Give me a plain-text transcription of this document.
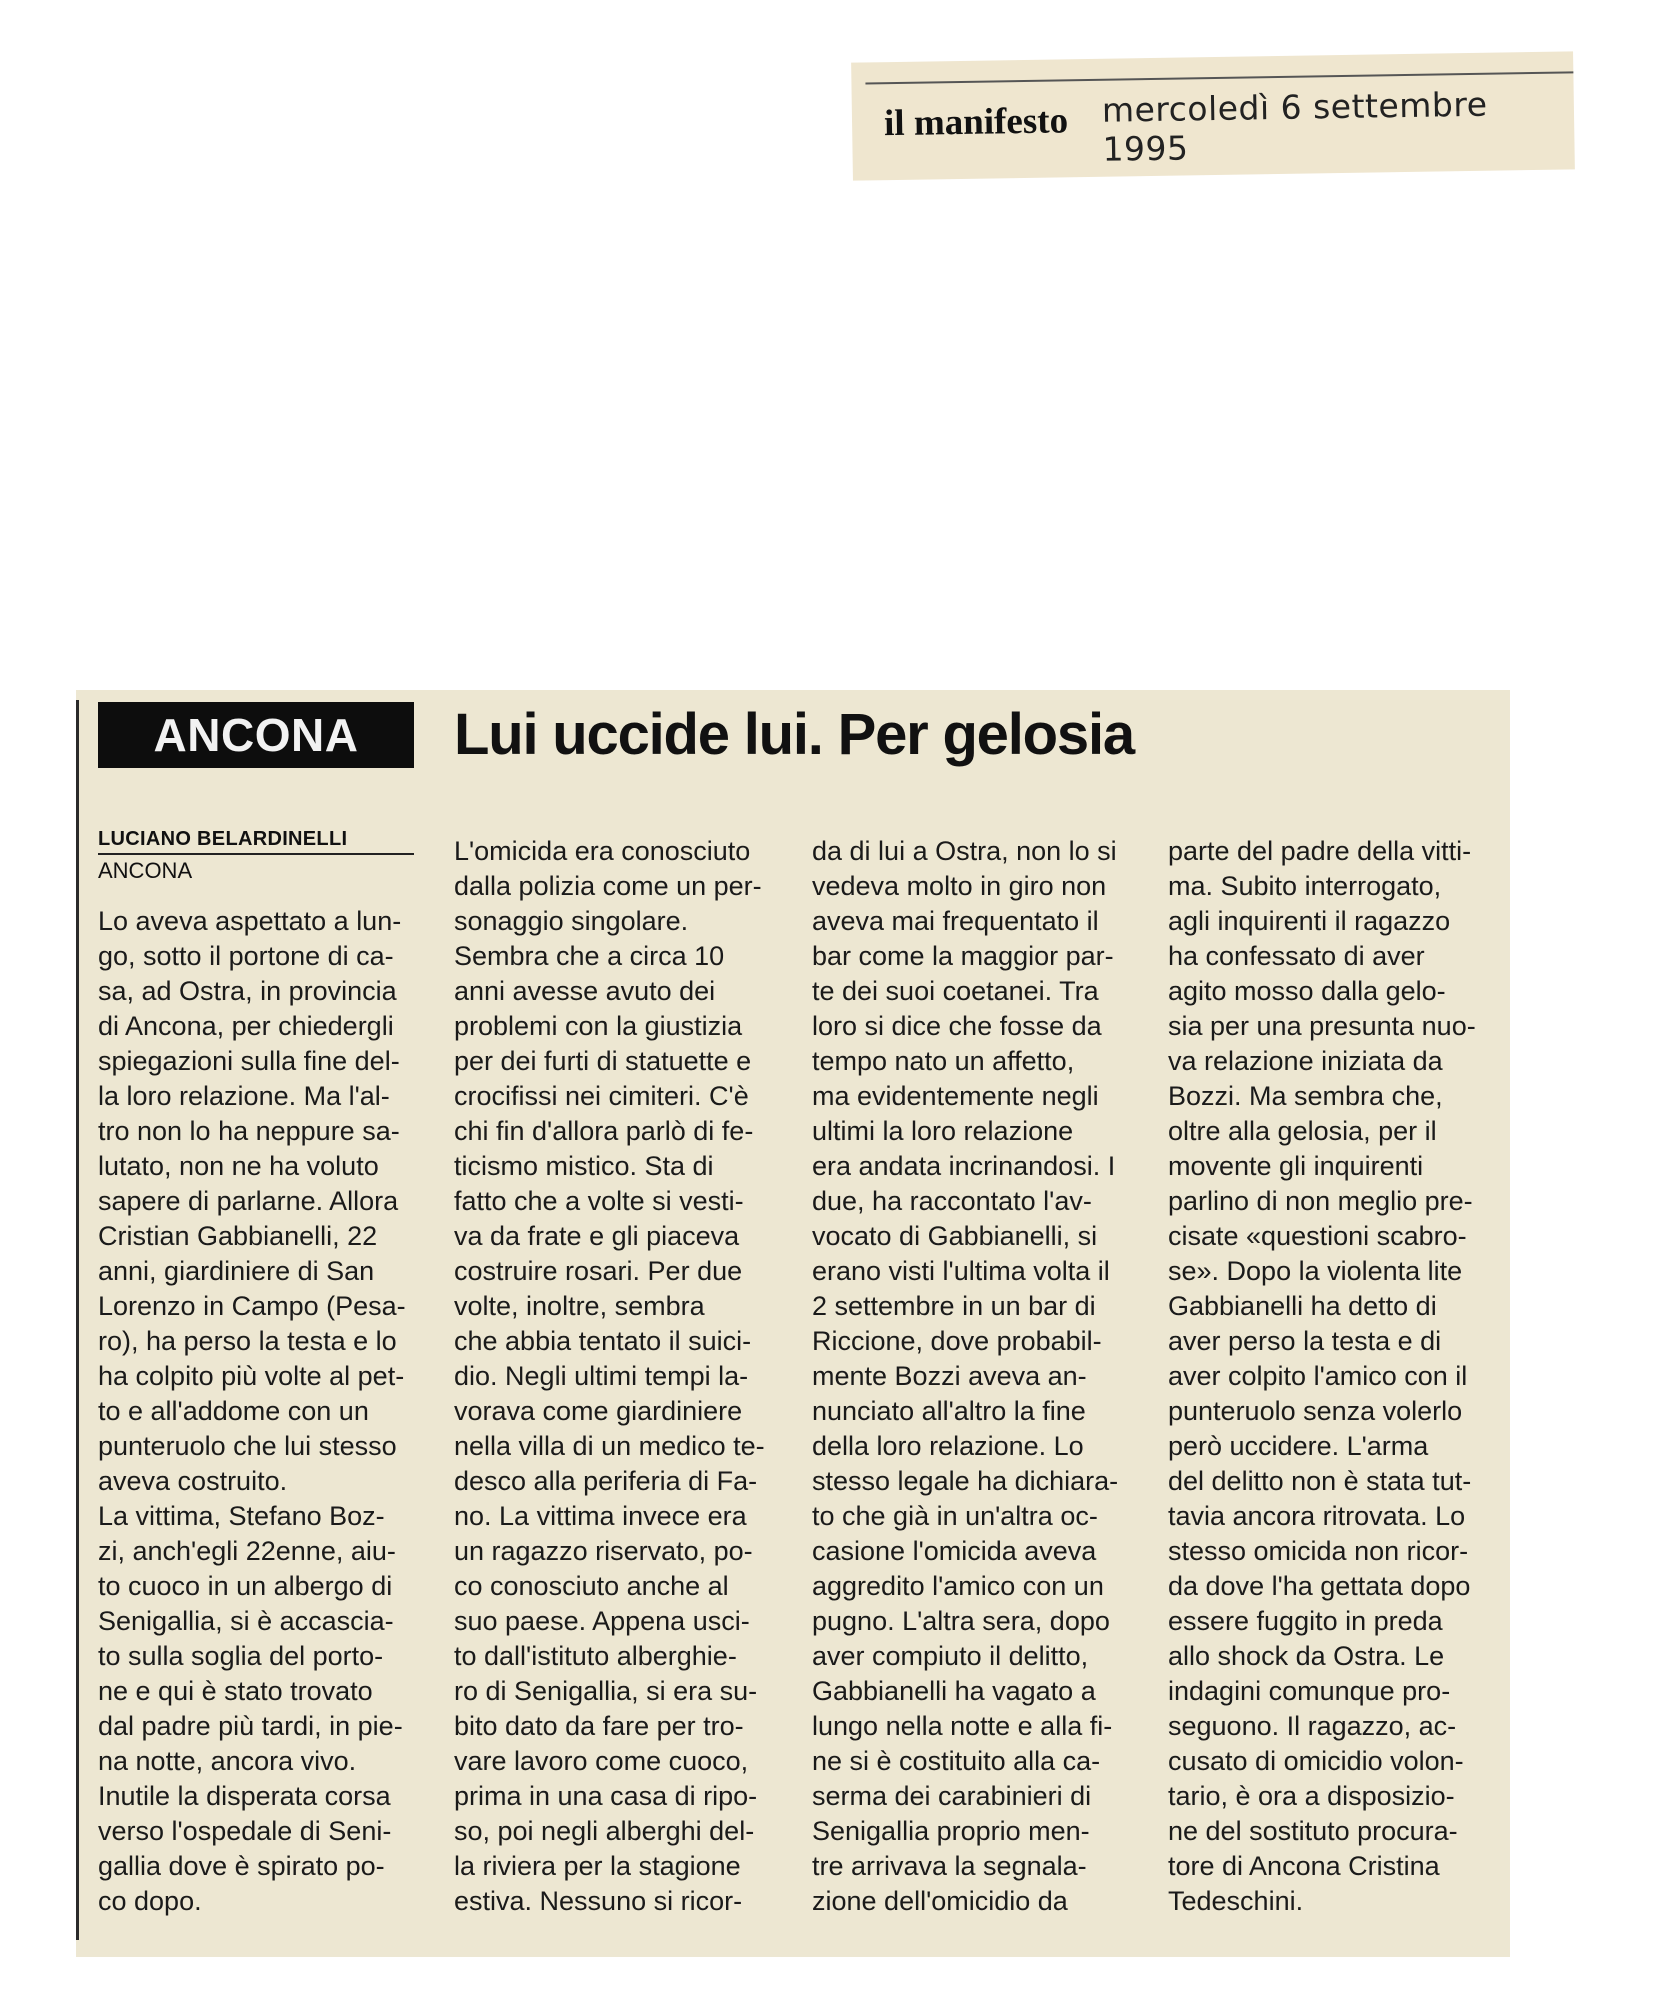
il manifesto mercoledì 6 settembre 1995
ANCONA	Lui uccide lui. Per gelosia
LUCIANO BELARDINELLI
ANCONA
Lo aveva aspettato a lun-
go, sotto il portone di ca-
sa, ad Ostra, in provincia
di Ancona, per chiedergli
spiegazioni sulla fine del-
la loro relazione. Ma l'al-
tro non lo ha neppure sa-
lutato, non ne ha voluto
sapere di parlarne. Allora
Cristian Gabbianelli, 22
anni, giardiniere di San
Lorenzo in Campo (Pesa-
ro), ha perso la testa e lo
ha colpito più volte al pet-
to e all'addome con un
punteruolo che lui stesso
aveva costruito.
La vittima, Stefano Boz-
zi, anch'egli 22enne, aiu-
to cuoco in un albergo di
Senigallia, si è accascia-
to sulla soglia del porto-
ne e qui è stato trovato
dal padre più tardi, in pie-
na notte, ancora vivo.
Inutile la disperata corsa
verso l'ospedale di Seni-
gallia dove è spirato po-
co dopo.
L'omicida era conosciuto
dalla polizia come un per-
sonaggio singolare.
Sembra che a circa 10
anni avesse avuto dei
problemi con la giustizia
per dei furti di statuette e
crocifissi nei cimiteri. C'è
chi fin d'allora parlò di fe-
ticismo mistico. Sta di
fatto che a volte si vesti-
va da frate e gli piaceva
costruire rosari. Per due
volte, inoltre, sembra
che abbia tentato il suici-
dio. Negli ultimi tempi la-
vorava come giardiniere
nella villa di un medico te-
desco alla periferia di Fa-
no. La vittima invece era
un ragazzo riservato, po-
co conosciuto anche al
suo paese. Appena usci-
to dall'istituto alberghie-
ro di Senigallia, si era su-
bito dato da fare per tro-
vare lavoro come cuoco,
prima in una casa di ripo-
so, poi negli alberghi del-
la riviera per la stagione
estiva. Nessuno si ricor-
da di lui a Ostra, non lo si
vedeva molto in giro non
aveva mai frequentato il
bar come la maggior par-
te dei suoi coetanei. Tra
loro si dice che fosse da
tempo nato un affetto,
ma evidentemente negli
ultimi la loro relazione
era andata incrinandosi. I
due, ha raccontato l'av-
vocato di Gabbianelli, si
erano visti l'ultima volta il
2 settembre in un bar di
Riccione, dove probabil-
mente Bozzi aveva an-
nunciato all'altro la fine
della loro relazione. Lo
stesso legale ha dichiara-
to che già in un'altra oc-
casione l'omicida aveva
aggredito l'amico con un
pugno. L'altra sera, dopo
aver compiuto il delitto,
Gabbianelli ha vagato a
lungo nella notte e alla fi-
ne si è costituito alla ca-
serma dei carabinieri di
Senigallia proprio men-
tre arrivava la segnala-
zione dell'omicidio da
parte del padre della vitti-
ma. Subito interrogato,
agli inquirenti il ragazzo
ha confessato di aver
agito mosso dalla gelo-
sia per una presunta nuo-
va relazione iniziata da
Bozzi. Ma sembra che,
oltre alla gelosia, per il
movente gli inquirenti
parlino di non meglio pre-
cisate «questioni scabro-
se». Dopo la violenta lite
Gabbianelli ha detto di
aver perso la testa e di
aver colpito l'amico con il
punteruolo senza volerlo
però uccidere. L'arma
del delitto non è stata tut-
tavia ancora ritrovata. Lo
stesso omicida non ricor-
da dove l'ha gettata dopo
essere fuggito in preda
allo shock da Ostra. Le
indagini comunque pro-
seguono. Il ragazzo, ac-
cusato di omicidio volon-
tario, è ora a disposizio-
ne del sostituto procura-
tore di Ancona Cristina
Tedeschini.
